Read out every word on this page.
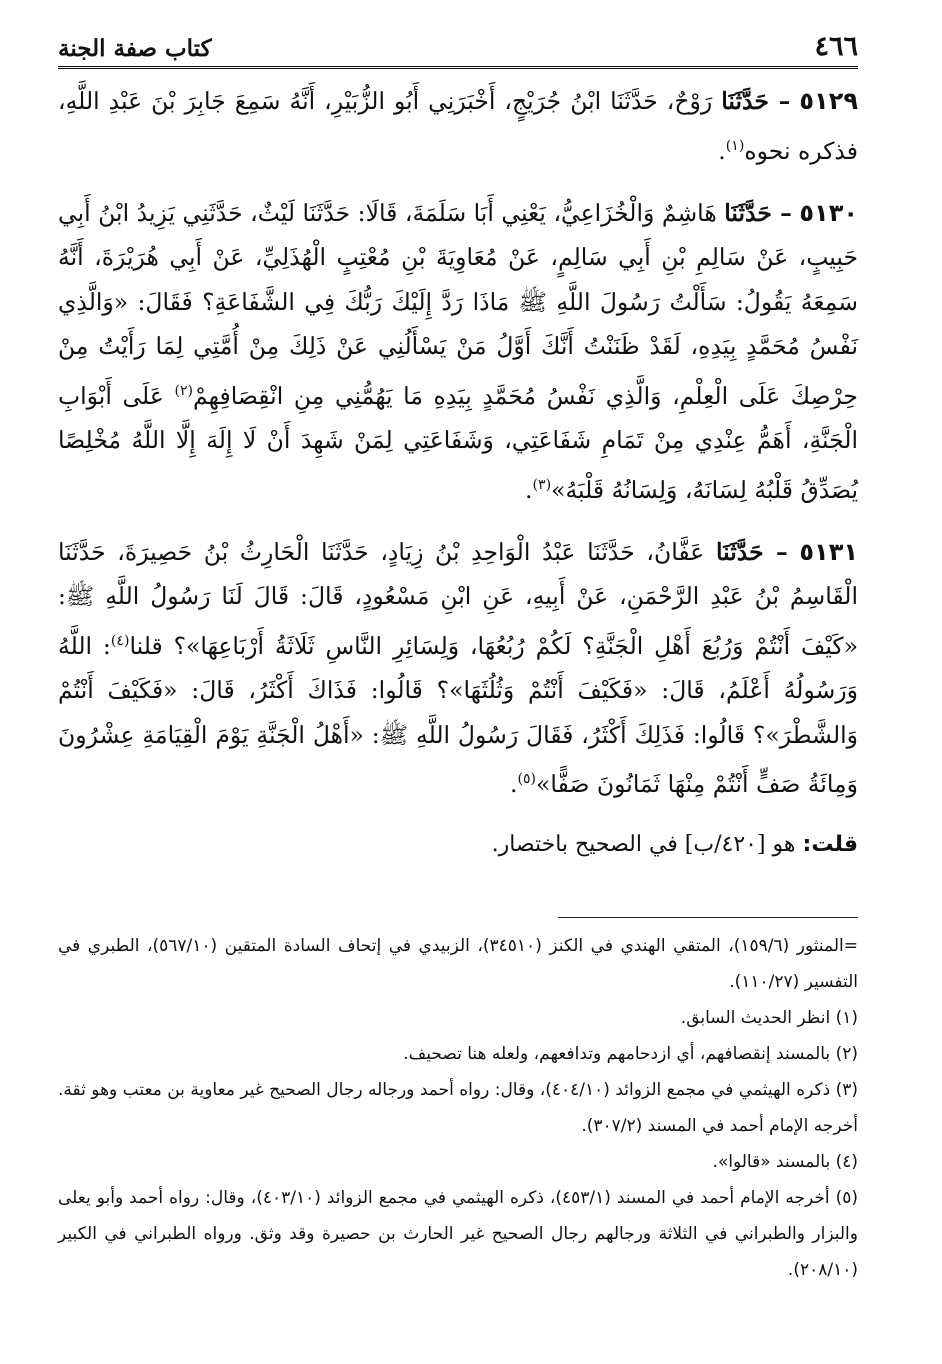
٤٦٦
كتاب صفة الجنة

٥١٢٩ – حَدَّثَنَا رَوْحٌ، حَدَّثَنَا ابْنُ جُرَيْجٍ، أَخْبَرَنِي أَبُو الزُّبَيْرِ، أَنَّهُ سَمِعَ جَابِرَ بْنَ عَبْدِ اللَّهِ، فذكره نحوه$^{(١)}$.

٥١٣٠ – حَدَّثَنَا هَاشِمٌ وَالْخُزَاعِيُّ، يَعْنِي أَبَا سَلَمَةَ، قَالَا: حَدَّثَنَا لَيْثٌ، حَدَّثَنِي يَزِيدُ ابْنُ أَبِي حَبِيبٍ، عَنْ سَالِمِ بْنِ أَبِي سَالِمٍ، عَنْ مُعَاوِيَةَ بْنِ مُعْتِبٍ الْهُذَلِيِّ، عَنْ أَبِي هُرَيْرَةَ، أَنَّهُ سَمِعَهُ يَقُولُ: سَأَلْتُ رَسُولَ اللَّهِ ﷺ مَاذَا رَدَّ إِلَيْكَ رَبُّكَ فِي الشَّفَاعَةِ؟ فَقَالَ: «وَالَّذِي نَفْسُ مُحَمَّدٍ بِيَدِهِ، لَقَدْ ظَنَنْتُ أَنَّكَ أَوَّلُ مَنْ يَسْأَلُنِي عَنْ ذَلِكَ مِنْ أُمَّتِي لِمَا رَأَيْتُ مِنْ حِرْصِكَ عَلَى الْعِلْمِ، وَالَّذِي نَفْسُ مُحَمَّدٍ بِيَدِهِ مَا يَهُمُّنِي مِنِ انْقِصَافِهِمْ$^{(٢)}$ عَلَى أَبْوَابِ الْجَنَّةِ، أَهَمُّ عِنْدِي مِنْ تَمَامِ شَفَاعَتِي، وَشَفَاعَتِي لِمَنْ شَهِدَ أَنْ لَا إِلَهَ إِلَّا اللَّهُ مُخْلِصًا يُصَدِّقُ قَلْبُهُ لِسَانَهُ، وَلِسَانُهُ قَلْبَهُ»$^{(٣)}$.

٥١٣١ – حَدَّثَنَا عَفَّانُ، حَدَّثَنَا عَبْدُ الْوَاحِدِ بْنُ زِيَادٍ، حَدَّثَنَا الْحَارِثُ بْنُ حَصِيرَةَ، حَدَّثَنَا الْقَاسِمُ بْنُ عَبْدِ الرَّحْمَنِ، عَنْ أَبِيهِ، عَنِ ابْنِ مَسْعُودٍ، قَالَ: قَالَ لَنَا رَسُولُ اللَّهِ ﷺ: «كَيْفَ أَنْتُمْ وَرُبُعَ أَهْلِ الْجَنَّةِ؟ لَكُمْ رُبُعُهَا، وَلِسَائِرِ النَّاسِ ثَلَاثَةُ أَرْبَاعِهَا»؟ قلنا$^{(٤)}$: اللَّهُ وَرَسُولُهُ أَعْلَمُ، قَالَ: «فَكَيْفَ أَنْتُمْ وَثُلُثَهَا»؟ قَالُوا: فَذَاكَ أَكْثَرُ، قَالَ: «فَكَيْفَ أَنْتُمْ وَالشَّطْرَ»؟ قَالُوا: فَذَلِكَ أَكْثَرُ، فَقَالَ رَسُولُ اللَّهِ ﷺ: «أَهْلُ الْجَنَّةِ يَوْمَ الْقِيَامَةِ عِشْرُونَ وَمِائَةُ صَفٍّ أَنْتُمْ مِنْهَا ثَمَانُونَ صَفًّا»$^{(٥)}$.

قلت: هو [٤٢٠/ب] في الصحيح باختصار.

=المنثور (١٥٩/٦)، المتقي الهندي في الكنز (٣٤٥١٠)، الزبيدي في إتحاف السادة المتقين (٥٦٧/١٠)، الطبري في التفسير (١١٠/٢٧).

(١) انظر الحديث السابق.

(٢) بالمسند إنقصافهم، أي ازدحامهم وتدافعهم، ولعله هنا تصحيف.

(٣) ذكره الهيثمي في مجمع الزوائد (٤٠٤/١٠)، وقال: رواه أحمد ورجاله رجال الصحيح غير معاوية بن معتب وهو ثقة. أخرجه الإمام أحمد في المسند (٣٠٧/٢).

(٤) بالمسند «قالوا».

(٥) أخرجه الإمام أحمد في المسند (٤٥٣/١)، ذكره الهيثمي في مجمع الزوائد (٤٠٣/١٠)، وقال: رواه أحمد وأبو يعلى والبزار والطبراني في الثلاثة ورجالهم رجال الصحيح غير الحارث بن حصيرة وقد وثق. ورواه الطبراني في الكبير (٢٠٨/١٠).
